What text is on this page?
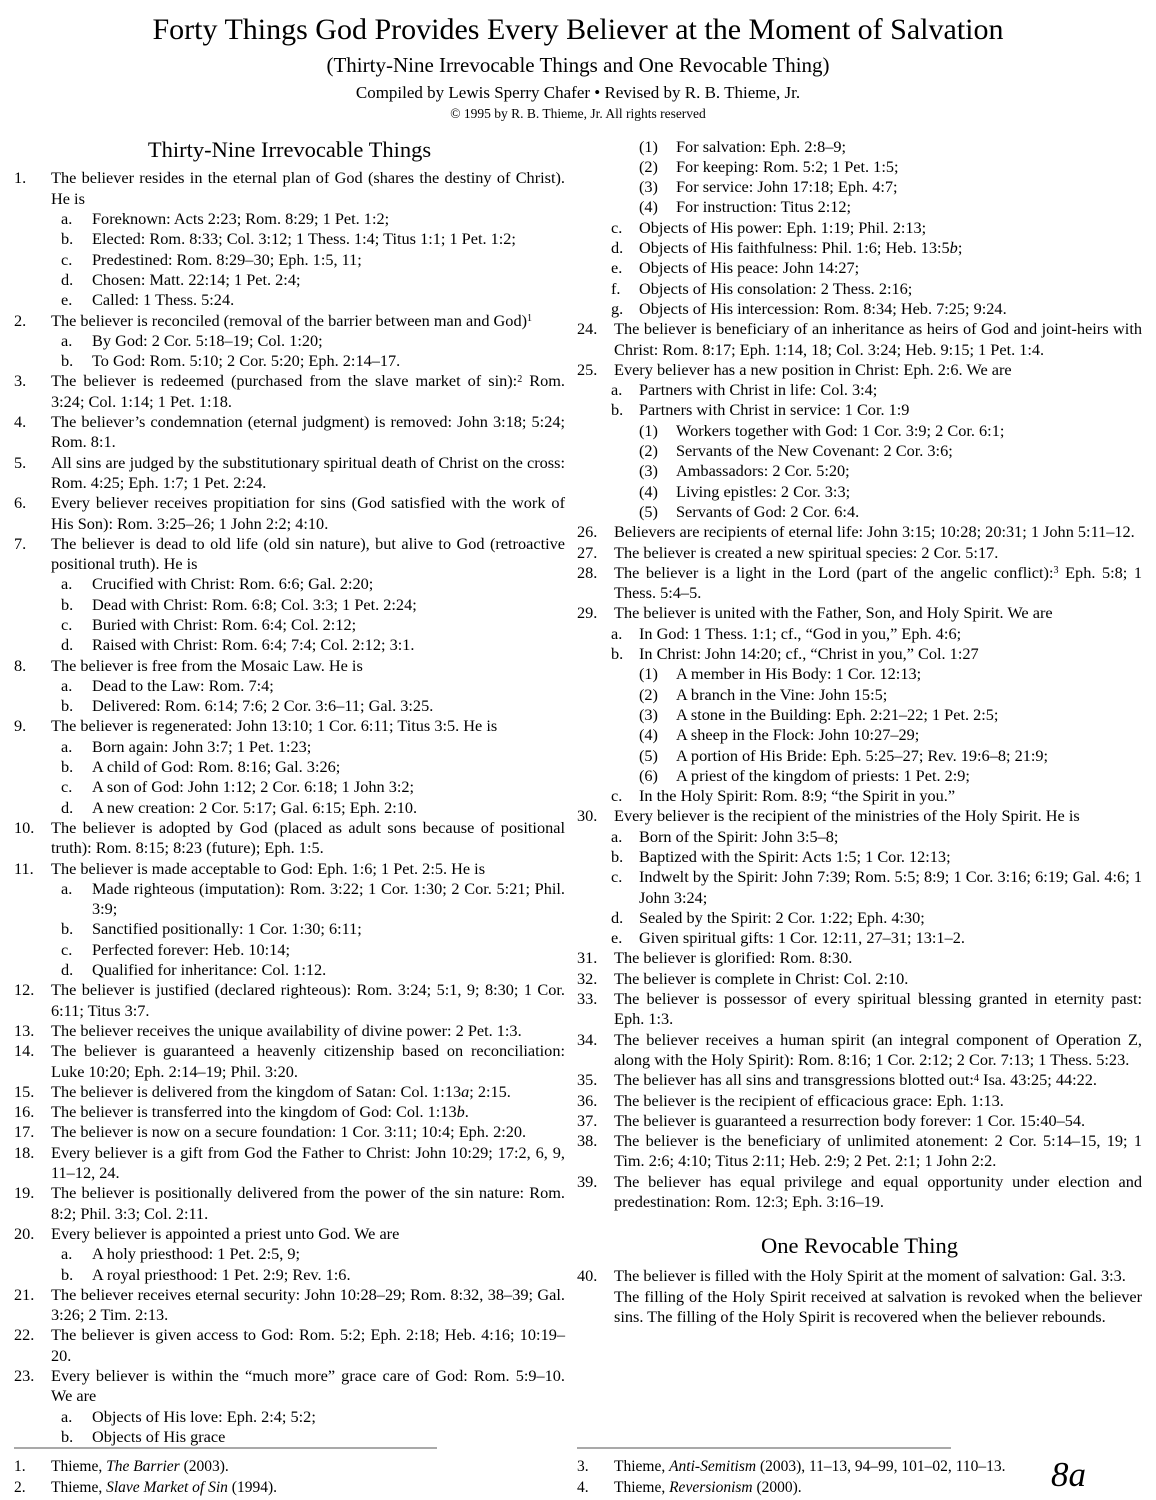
Forty Things God Provides Every Believer at the Moment of Salvation
(Thirty-Nine Irrevocable Things and One Revocable Thing)
Compiled by Lewis Sperry Chafer • Revised by R. B. Thieme, Jr.
© 1995 by R. B. Thieme, Jr. All rights reserved
Thirty-Nine Irrevocable Things
1. The believer resides in the eternal plan of God (shares the destiny of Christ). He is
a. Foreknown: Acts 2:23; Rom. 8:29; 1 Pet. 1:2;
b. Elected: Rom. 8:33; Col. 3:12; 1 Thess. 1:4; Titus 1:1; 1 Pet. 1:2;
c. Predestined: Rom. 8:29–30; Eph. 1:5, 11;
d. Chosen: Matt. 22:14; 1 Pet. 2:4;
e. Called: 1 Thess. 5:24.
2. The believer is reconciled (removal of the barrier between man and God)$^1$
a. By God: 2 Cor. 5:18–19; Col. 1:20;
b. To God: Rom. 5:10; 2 Cor. 5:20; Eph. 2:14–17.
3. The believer is redeemed (purchased from the slave market of sin):$^2$ Rom. 3:24; Col. 1:14; 1 Pet. 1:18.
4. The believer’s condemnation (eternal judgment) is removed: John 3:18; 5:24; Rom. 8:1.
5. All sins are judged by the substitutionary spiritual death of Christ on the cross: Rom. 4:25; Eph. 1:7; 1 Pet. 2:24.
6. Every believer receives propitiation for sins (God satisfied with the work of His Son): Rom. 3:25–26; 1 John 2:2; 4:10.
7. The believer is dead to old life (old sin nature), but alive to God (retroactive positional truth). He is
a. Crucified with Christ: Rom. 6:6; Gal. 2:20;
b. Dead with Christ: Rom. 6:8; Col. 3:3; 1 Pet. 2:24;
c. Buried with Christ: Rom. 6:4; Col. 2:12;
d. Raised with Christ: Rom. 6:4; 7:4; Col. 2:12; 3:1.
8. The believer is free from the Mosaic Law. He is
a. Dead to the Law: Rom. 7:4;
b. Delivered: Rom. 6:14; 7:6; 2 Cor. 3:6–11; Gal. 3:25.
9. The believer is regenerated: John 13:10; 1 Cor. 6:11; Titus 3:5. He is
a. Born again: John 3:7; 1 Pet. 1:23;
b. A child of God: Rom. 8:16; Gal. 3:26;
c. A son of God: John 1:12; 2 Cor. 6:18; 1 John 3:2;
d. A new creation: 2 Cor. 5:17; Gal. 6:15; Eph. 2:10.
10. The believer is adopted by God (placed as adult sons because of positional truth): Rom. 8:15; 8:23 (future); Eph. 1:5.
11. The believer is made acceptable to God: Eph. 1:6; 1 Pet. 2:5. He is
a. Made righteous (imputation): Rom. 3:22; 1 Cor. 1:30; 2 Cor. 5:21; Phil. 3:9;
b. Sanctified positionally: 1 Cor. 1:30; 6:11;
c. Perfected forever: Heb. 10:14;
d. Qualified for inheritance: Col. 1:12.
12. The believer is justified (declared righteous): Rom. 3:24; 5:1, 9; 8:30; 1 Cor. 6:11; Titus 3:7.
13. The believer receives the unique availability of divine power: 2 Pet. 1:3.
14. The believer is guaranteed a heavenly citizenship based on reconciliation: Luke 10:20; Eph. 2:14–19; Phil. 3:20.
15. The believer is delivered from the kingdom of Satan: Col. 1:13a; 2:15.
16. The believer is transferred into the kingdom of God: Col. 1:13b.
17. The believer is now on a secure foundation: 1 Cor. 3:11; 10:4; Eph. 2:20.
18. Every believer is a gift from God the Father to Christ: John 10:29; 17:2, 6, 9, 11–12, 24.
19. The believer is positionally delivered from the power of the sin nature: Rom. 8:2; Phil. 3:3; Col. 2:11.
20. Every believer is appointed a priest unto God. We are
a. A holy priesthood: 1 Pet. 2:5, 9;
b. A royal priesthood: 1 Pet. 2:9; Rev. 1:6.
21. The believer receives eternal security: John 10:28–29; Rom. 8:32, 38–39; Gal. 3:26; 2 Tim. 2:13.
22. The believer is given access to God: Rom. 5:2; Eph. 2:18; Heb. 4:16; 10:19–20.
23. Every believer is within the “much more” grace care of God: Rom. 5:9–10. We are
a. Objects of His love: Eph. 2:4; 5:2;
b. Objects of His grace
1. Thieme, The Barrier (2003).
2. Thieme, Slave Market of Sin (1994).
(1) For salvation: Eph. 2:8–9;
(2) For keeping: Rom. 5:2; 1 Pet. 1:5;
(3) For service: John 17:18; Eph. 4:7;
(4) For instruction: Titus 2:12;
c. Objects of His power: Eph. 1:19; Phil. 2:13;
d. Objects of His faithfulness: Phil. 1:6; Heb. 13:5b;
e. Objects of His peace: John 14:27;
f. Objects of His consolation: 2 Thess. 2:16;
g. Objects of His intercession: Rom. 8:34; Heb. 7:25; 9:24.
24. The believer is beneficiary of an inheritance as heirs of God and joint-heirs with Christ: Rom. 8:17; Eph. 1:14, 18; Col. 3:24; Heb. 9:15; 1 Pet. 1:4.
25. Every believer has a new position in Christ: Eph. 2:6. We are
a. Partners with Christ in life: Col. 3:4;
b. Partners with Christ in service: 1 Cor. 1:9
(1) Workers together with God: 1 Cor. 3:9; 2 Cor. 6:1;
(2) Servants of the New Covenant: 2 Cor. 3:6;
(3) Ambassadors: 2 Cor. 5:20;
(4) Living epistles: 2 Cor. 3:3;
(5) Servants of God: 2 Cor. 6:4.
26. Believers are recipients of eternal life: John 3:15; 10:28; 20:31; 1 John 5:11–12.
27. The believer is created a new spiritual species: 2 Cor. 5:17.
28. The believer is a light in the Lord (part of the angelic conflict):$^3$ Eph. 5:8; 1 Thess. 5:4–5.
29. The believer is united with the Father, Son, and Holy Spirit. We are
a. In God: 1 Thess. 1:1; cf., “God in you,” Eph. 4:6;
b. In Christ: John 14:20; cf., “Christ in you,” Col. 1:27
(1) A member in His Body: 1 Cor. 12:13;
(2) A branch in the Vine: John 15:5;
(3) A stone in the Building: Eph. 2:21–22; 1 Pet. 2:5;
(4) A sheep in the Flock: John 10:27–29;
(5) A portion of His Bride: Eph. 5:25–27; Rev. 19:6–8; 21:9;
(6) A priest of the kingdom of priests: 1 Pet. 2:9;
c. In the Holy Spirit: Rom. 8:9; “the Spirit in you.”
30. Every believer is the recipient of the ministries of the Holy Spirit. He is
a. Born of the Spirit: John 3:5–8;
b. Baptized with the Spirit: Acts 1:5; 1 Cor. 12:13;
c. Indwelt by the Spirit: John 7:39; Rom. 5:5; 8:9; 1 Cor. 3:16; 6:19; Gal. 4:6; 1 John 3:24;
d. Sealed by the Spirit: 2 Cor. 1:22; Eph. 4:30;
e. Given spiritual gifts: 1 Cor. 12:11, 27–31; 13:1–2.
31. The believer is glorified: Rom. 8:30.
32. The believer is complete in Christ: Col. 2:10.
33. The believer is possessor of every spiritual blessing granted in eternity past: Eph. 1:3.
34. The believer receives a human spirit (an integral component of Operation Z, along with the Holy Spirit): Rom. 8:16; 1 Cor. 2:12; 2 Cor. 7:13; 1 Thess. 5:23.
35. The believer has all sins and transgressions blotted out:$^4$ Isa. 43:25; 44:22.
36. The believer is the recipient of efficacious grace: Eph. 1:13.
37. The believer is guaranteed a resurrection body forever: 1 Cor. 15:40–54.
38. The believer is the beneficiary of unlimited atonement: 2 Cor. 5:14–15, 19; 1 Tim. 2:6; 4:10; Titus 2:11; Heb. 2:9; 2 Pet. 2:1; 1 John 2:2.
39. The believer has equal privilege and equal opportunity under election and predestination: Rom. 12:3; Eph. 3:16–19.
One Revocable Thing
40. The believer is filled with the Holy Spirit at the moment of salvation: Gal. 3:3.
The filling of the Holy Spirit received at salvation is revoked when the believer sins. The filling of the Holy Spirit is recovered when the believer rebounds.
3. Thieme, Anti-Semitism (2003), 11–13, 94–99, 101–02, 110–13.
4. Thieme, Reversionism (2000).	8a
